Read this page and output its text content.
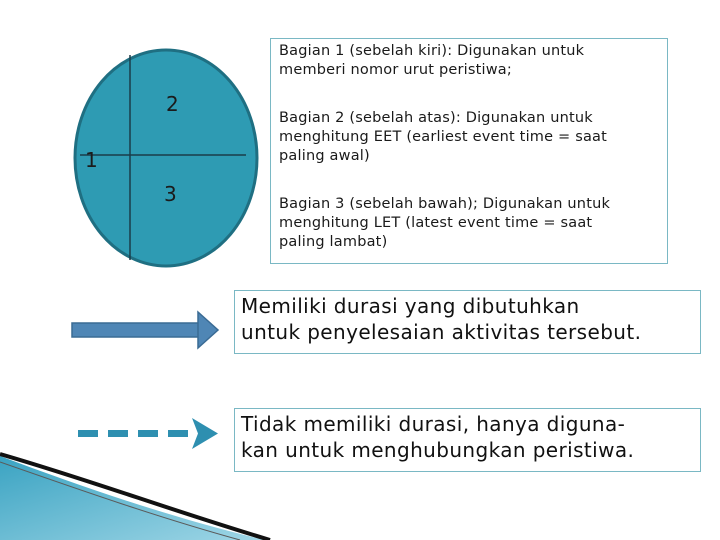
1
2
3

Bagian 1 (sebelah kiri): Digunakan untuk
memberi nomor urut peristiwa;

Bagian 2 (sebelah atas): Digunakan untuk
menghitung EET (earliest event time = saat
paling awal)

Bagian 3 (sebelah bawah); Digunakan untuk
menghitung LET (latest event time = saat
paling lambat)

Memiliki durasi yang dibutuhkan
untuk penyelesaian aktivitas tersebut.
Tidak memiliki durasi, hanya diguna-
kan untuk menghubungkan peristiwa.
